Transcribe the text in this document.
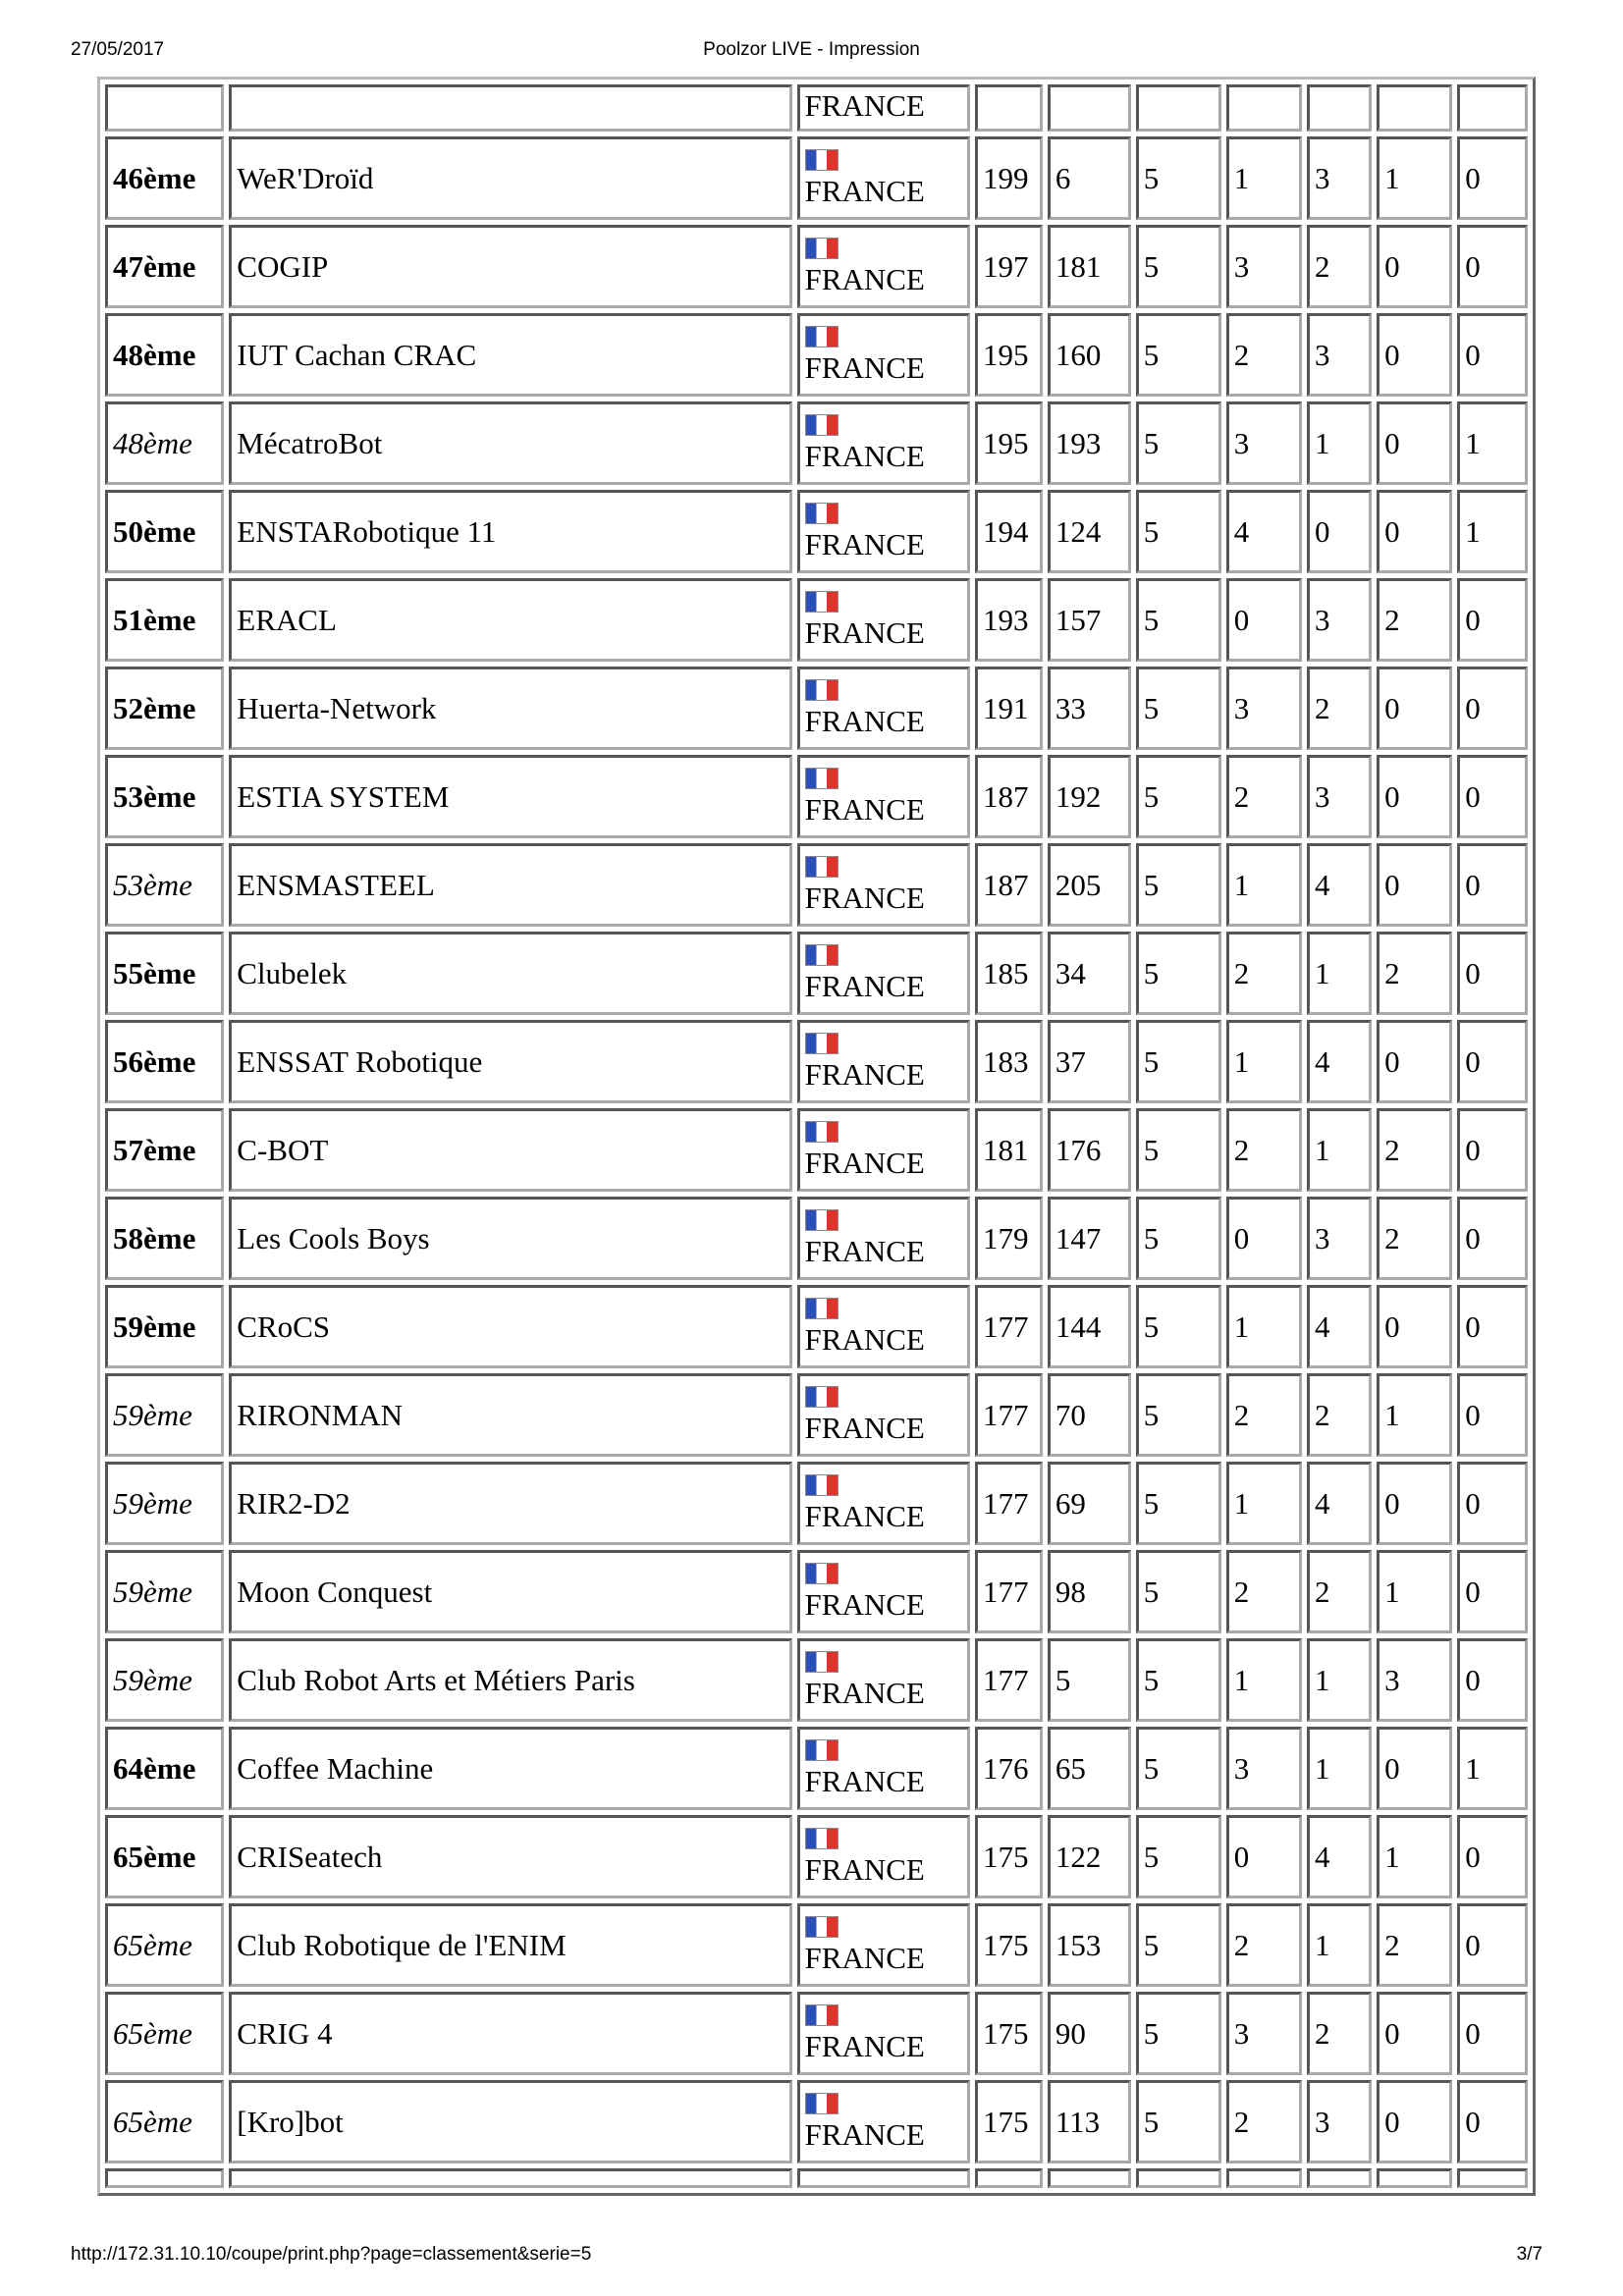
27/05/2017	Poolzor LIVE - Impression

		FRANCE							

46ème	WeR'Droïd	FRANCE	199	6	5	1	3	1	0
47ème	COGIP	FRANCE	197	181	5	3	2	0	0
48ème	IUT Cachan CRAC	FRANCE	195	160	5	2	3	0	0
48ème	MécatroBot	FRANCE	195	193	5	3	1	0	1
50ème	ENSTARobotique 11	FRANCE	194	124	5	4	0	0	1
51ème	ERACL	FRANCE	193	157	5	0	3	2	0
52ème	Huerta-Network	FRANCE	191	33	5	3	2	0	0
53ème	ESTIA SYSTEM	FRANCE	187	192	5	2	3	0	0
53ème	ENSMASTEEL	FRANCE	187	205	5	1	4	0	0
55ème	Clubelek	FRANCE	185	34	5	2	1	2	0
56ème	ENSSAT Robotique	FRANCE	183	37	5	1	4	0	0
57ème	C-BOT	FRANCE	181	176	5	2	1	2	0
58ème	Les Cools Boys	FRANCE	179	147	5	0	3	2	0
59ème	CRoCS	FRANCE	177	144	5	1	4	0	0
59ème	RIRONMAN	FRANCE	177	70	5	2	2	1	0
59ème	RIR2-D2	FRANCE	177	69	5	1	4	0	0
59ème	Moon Conquest	FRANCE	177	98	5	2	2	1	0
59ème	Club Robot Arts et Métiers Paris	FRANCE	177	5	5	1	1	3	0
64ème	Coffee Machine	FRANCE	176	65	5	3	1	0	1
65ème	CRISeatech	FRANCE	175	122	5	0	4	1	0
65ème	Club Robotique de l'ENIM	FRANCE	175	153	5	2	1	2	0
65ème	CRIG 4	FRANCE	175	90	5	3	2	0	0
65ème	[Kro]bot	FRANCE	175	113	5	2	3	0	0

http://172.31.10.10/coupe/print.php?page=classement&serie=5	3/7
